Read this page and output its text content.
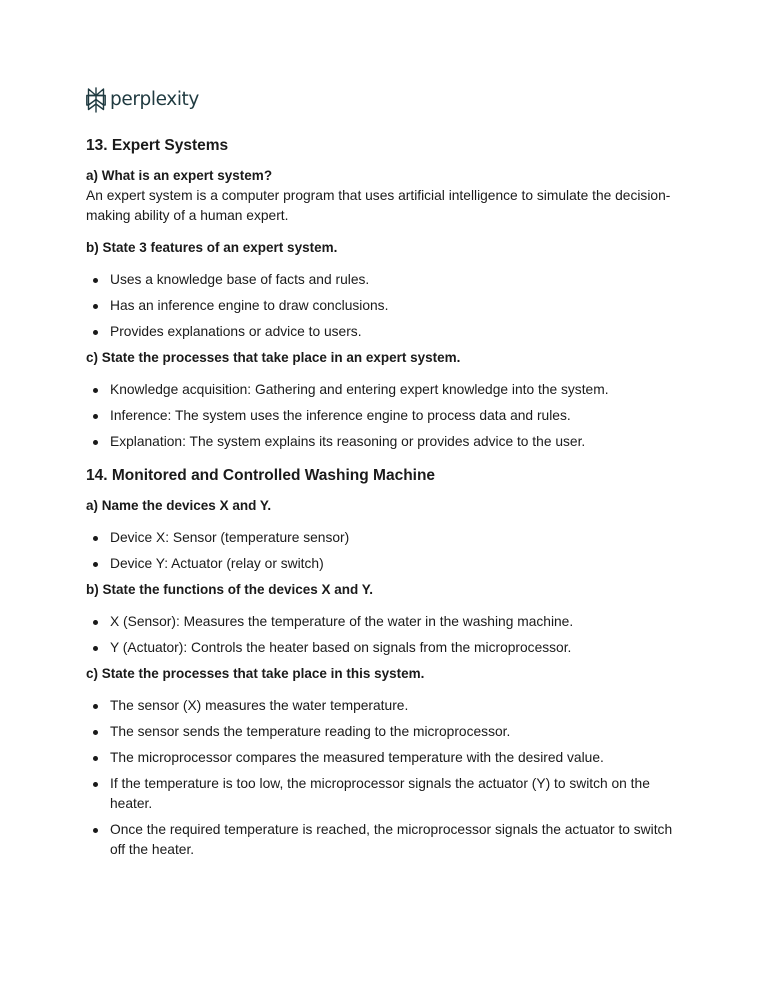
perplexity
13. Expert Systems
a) What is an expert system?

An expert system is a computer program that uses artificial intelligence to simulate the decision-making ability of a human expert.

b) State 3 features of an expert system.
Uses a knowledge base of facts and rules.
Has an inference engine to draw conclusions.
Provides explanations or advice to users.
c) State the processes that take place in an expert system.
Knowledge acquisition: Gathering and entering expert knowledge into the system.
Inference: The system uses the inference engine to process data and rules.
Explanation: The system explains its reasoning or provides advice to the user.
14. Monitored and Controlled Washing Machine
a) Name the devices X and Y.
Device X: Sensor (temperature sensor)
Device Y: Actuator (relay or switch)
b) State the functions of the devices X and Y.
X (Sensor): Measures the temperature of the water in the washing machine.
Y (Actuator): Controls the heater based on signals from the microprocessor.
c) State the processes that take place in this system.
The sensor (X) measures the water temperature.
The sensor sends the temperature reading to the microprocessor.
The microprocessor compares the measured temperature with the desired value.
If the temperature is too low, the microprocessor signals the actuator (Y) to switch on the heater.
Once the required temperature is reached, the microprocessor signals the actuator to switch off the heater.
